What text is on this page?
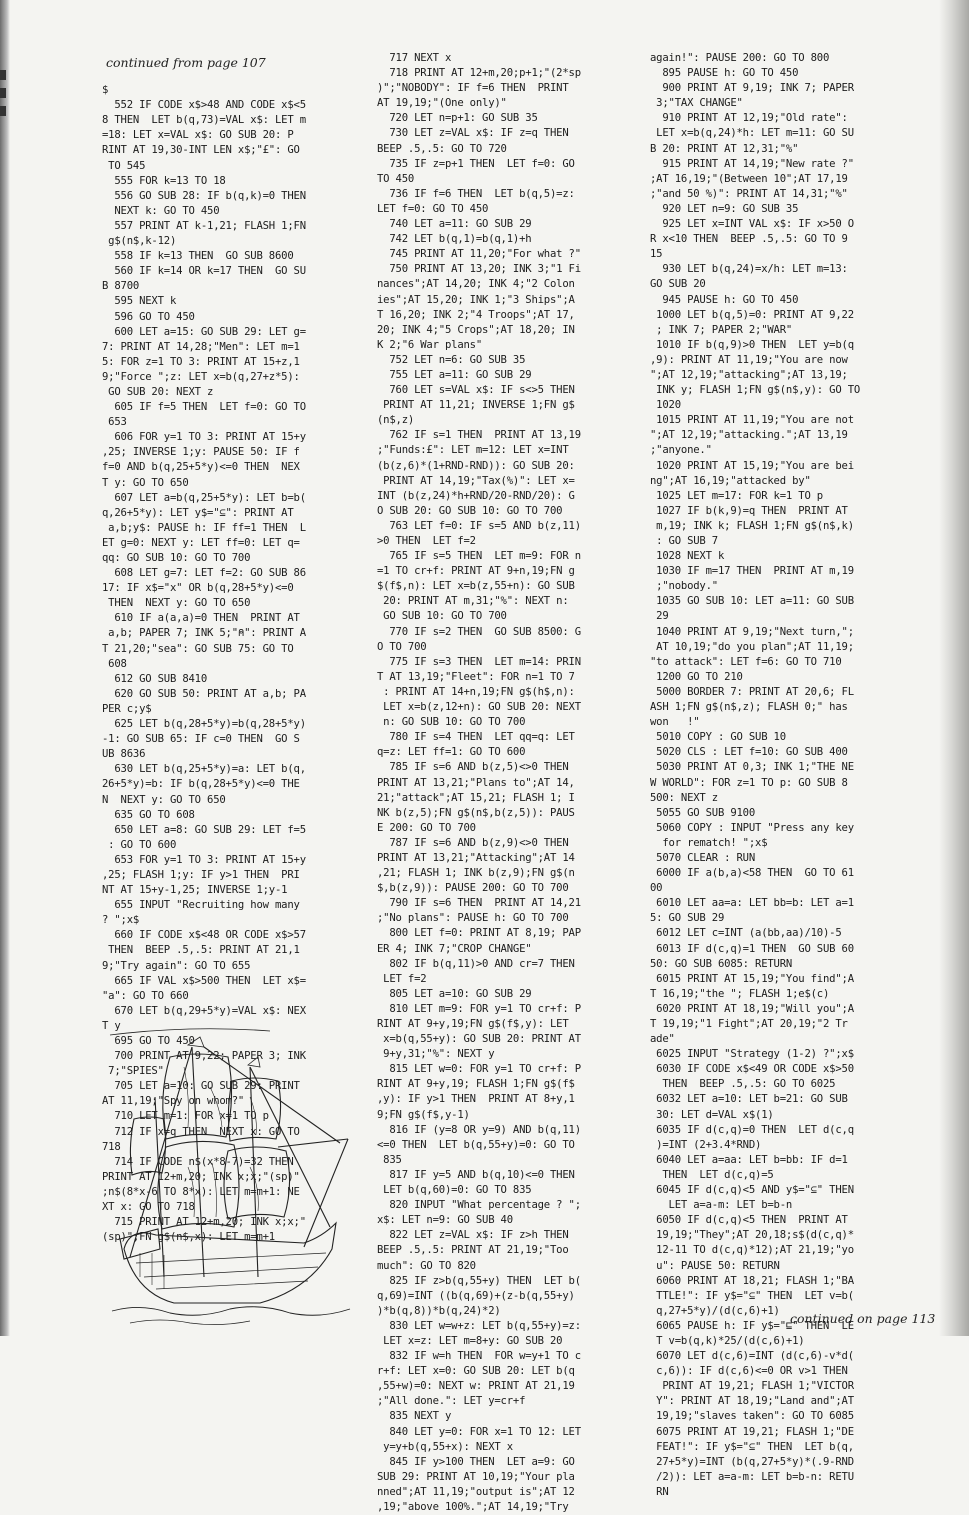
continued from page 107
$
552 IF CODE x$>48 AND CODE x$<5
8 THEN  LET b(q,73)=VAL x$: LET m
=18: LET x=VAL x$: GO SUB 20: P
RINT AT 19,30-INT LEN x$;"£": GO
TO 545
555 FOR k=13 TO 18
556 GO SUB 28: IF b(q,k)=0 THEN
NEXT k: GO TO 450
557 PRINT AT k-1,21; FLASH 1;FN
g$(n$,k-12)
558 IF k=13 THEN  GO SUB 8600
560 IF k=14 OR k=17 THEN  GO SU
B 8700
595 NEXT k
596 GO TO 450
600 LET a=15: GO SUB 29: LET g=
7: PRINT AT 14,28;"Men": LET m=1
5: FOR z=1 TO 3: PRINT AT 15+z,1
9;"Force ";z: LET x=b(q,27+z*5):
GO SUB 20: NEXT z
605 IF f=5 THEN  LET f=0: GO TO
653
606 FOR y=1 TO 3: PRINT AT 15+y
,25; INVERSE 1;y: PAUSE 50: IF f
f=0 AND b(q,25+5*y)<=0 THEN  NEX
T y: GO TO 650
607 LET a=b(q,25+5*y): LET b=b(
q,26+5*y): LET y$="⊆": PRINT AT
a,b;y$: PAUSE h: IF ff=1 THEN  L
ET g=0: NEXT y: LET ff=0: LET q=
qq: GO SUB 10: GO TO 700
608 LET g=7: LET f=2: GO SUB 86
17: IF x$="x" OR b(q,28+5*y)<=0
THEN  NEXT y: GO TO 650
610 IF a(a,a)=0 THEN  PRINT AT
a,b; PAPER 7; INK 5;"⍝": PRINT A
T 21,20;"sea": GO SUB 75: GO TO
608
612 GO SUB 8410
620 GO SUB 50: PRINT AT a,b; PA
PER c;y$
625 LET b(q,28+5*y)=b(q,28+5*y)
-1: GO SUB 65: IF c=0 THEN  GO S
UB 8636
630 LET b(q,25+5*y)=a: LET b(q,
26+5*y)=b: IF b(q,28+5*y)<=0 THE
N  NEXT y: GO TO 650
635 GO TO 608
650 LET a=8: GO SUB 29: LET f=5
: GO TO 600
653 FOR y=1 TO 3: PRINT AT 15+y
,25; FLASH 1;y: IF y>1 THEN  PRI
NT AT 15+y-1,25; INVERSE 1;y-1
655 INPUT "Recruiting how many
? ";x$
660 IF CODE x$<48 OR CODE x$>57
THEN  BEEP .5,.5: PRINT AT 21,1
9;"Try again": GO TO 655
665 IF VAL x$>500 THEN  LET x$=
"a": GO TO 660
670 LET b(q,29+5*y)=VAL x$: NEX
T y
695 GO TO 450
700 PRINT AT 9,22; PAPER 3; INK
7;"SPIES"
705 LET a=10: GO SUB 29: PRINT
AT 11,19;"Spy on whom?"
710 LET m=1: FOR x=1 TO p
712 IF x=q THEN  NEXT x: GO TO
718
714 IF CODE n$(x*8-7)=32 THEN
PRINT AT 12+m,20; INK x;x;"(sp)"
;n$(8*x-6 TO 8*x): LET m=m+1: NE
XT x: GO TO 718
715 PRINT AT 12+m,20; INK x;x;"
(sp)";FN g$(n$,x): LET m=m+1
717 NEXT x
718 PRINT AT 12+m,20;p+1;"(2*sp
)";"NOBODY": IF f=6 THEN  PRINT
AT 19,19;"(One only)"
720 LET n=p+1: GO SUB 35
730 LET z=VAL x$: IF z=q THEN
BEEP .5,.5: GO TO 720
735 IF z=p+1 THEN  LET f=0: GO
TO 450
736 IF f=6 THEN  LET b(q,5)=z:
LET f=0: GO TO 450
740 LET a=11: GO SUB 29
742 LET b(q,1)=b(q,1)+h
745 PRINT AT 11,20;"For what ?"
750 PRINT AT 13,20; INK 3;"1 Fi
nances";AT 14,20; INK 4;"2 Colon
ies";AT 15,20; INK 1;"3 Ships";A
T 16,20; INK 2;"4 Troops";AT 17,
20; INK 4;"5 Crops";AT 18,20; IN
K 2;"6 War plans"
752 LET n=6: GO SUB 35
755 LET a=11: GO SUB 29
760 LET s=VAL x$: IF s<>5 THEN
PRINT AT 11,21; INVERSE 1;FN g$
(n$,z)
762 IF s=1 THEN  PRINT AT 13,19
;"Funds:£": LET m=12: LET x=INT
(b(z,6)*(1+RND-RND)): GO SUB 20:
PRINT AT 14,19;"Tax(%)": LET x=
INT (b(z,24)*h+RND/20-RND/20): G
O SUB 20: GO SUB 10: GO TO 700
763 LET f=0: IF s=5 AND b(z,11)
>0 THEN  LET f=2
765 IF s=5 THEN  LET m=9: FOR n
=1 TO cr+f: PRINT AT 9+n,19;FN g
$(f$,n): LET x=b(z,55+n): GO SUB
20: PRINT AT m,31;"%": NEXT n:
GO SUB 10: GO TO 700
770 IF s=2 THEN  GO SUB 8500: G
O TO 700
775 IF s=3 THEN  LET m=14: PRIN
T AT 13,19;"Fleet": FOR n=1 TO 7
: PRINT AT 14+n,19;FN g$(h$,n):
LET x=b(z,12+n): GO SUB 20: NEXT
n: GO SUB 10: GO TO 700
780 IF s=4 THEN  LET qq=q: LET
q=z: LET ff=1: GO TO 600
785 IF s=6 AND b(z,5)<>0 THEN
PRINT AT 13,21;"Plans to";AT 14,
21;"attack";AT 15,21; FLASH 1; I
NK b(z,5);FN g$(n$,b(z,5)): PAUS
E 200: GO TO 700
787 IF s=6 AND b(z,9)<>0 THEN
PRINT AT 13,21;"Attacking";AT 14
,21; FLASH 1; INK b(z,9);FN g$(n
$,b(z,9)): PAUSE 200: GO TO 700
790 IF s=6 THEN  PRINT AT 14,21
;"No plans": PAUSE h: GO TO 700
800 LET f=0: PRINT AT 8,19; PAP
ER 4; INK 7;"CROP CHANGE"
802 IF b(q,11)>0 AND cr=7 THEN
LET f=2
805 LET a=10: GO SUB 29
810 LET m=9: FOR y=1 TO cr+f: P
RINT AT 9+y,19;FN g$(f$,y): LET
x=b(q,55+y): GO SUB 20: PRINT AT
9+y,31;"%": NEXT y
815 LET w=0: FOR y=1 TO cr+f: P
RINT AT 9+y,19; FLASH 1;FN g$(f$
,y): IF y>1 THEN  PRINT AT 8+y,1
9;FN g$(f$,y-1)
816 IF (y=8 OR y=9) AND b(q,11)
<=0 THEN  LET b(q,55+y)=0: GO TO
835
817 IF y=5 AND b(q,10)<=0 THEN
LET b(q,60)=0: GO TO 835
820 INPUT "What percentage ? ";
x$: LET n=9: GO SUB 40
822 LET z=VAL x$: IF z>h THEN
BEEP .5,.5: PRINT AT 21,19;"Too
much": GO TO 820
825 IF z>b(q,55+y) THEN  LET b(
q,69)=INT ((b(q,69)+(z-b(q,55+y)
)*b(q,8))*b(q,24)*2)
830 LET w=w+z: LET b(q,55+y)=z:
LET x=z: LET m=8+y: GO SUB 20
832 IF w=h THEN  FOR w=y+1 TO c
r+f: LET x=0: GO SUB 20: LET b(q
,55+w)=0: NEXT w: PRINT AT 21,19
;"All done.": LET y=cr+f
835 NEXT y
840 LET y=0: FOR x=1 TO 12: LET
y=y+b(q,55+x): NEXT x
845 IF y>100 THEN  LET a=9: GO
SUB 29: PRINT AT 10,19;"Your pla
nned";AT 11,19;"output is";AT 12
,19;"above 100%.";AT 14,19;"Try
again!": PAUSE 200: GO TO 800
895 PAUSE h: GO TO 450
900 PRINT AT 9,19; INK 7; PAPER
3;"TAX CHANGE"
910 PRINT AT 12,19;"Old rate":
LET x=b(q,24)*h: LET m=11: GO SU
B 20: PRINT AT 12,31;"%"
915 PRINT AT 14,19;"New rate ?"
;AT 16,19;"(Between 10";AT 17,19
;"and 50 %)": PRINT AT 14,31;"%"
920 LET n=9: GO SUB 35
925 LET x=INT VAL x$: IF x>50 O
R x<10 THEN  BEEP .5,.5: GO TO 9
15
930 LET b(q,24)=x/h: LET m=13:
GO SUB 20
945 PAUSE h: GO TO 450
1000 LET b(q,5)=0: PRINT AT 9,22
; INK 7; PAPER 2;"WAR"
1010 IF b(q,9)>0 THEN  LET y=b(q
,9): PRINT AT 11,19;"You are now
";AT 12,19;"attacking";AT 13,19;
INK y; FLASH 1;FN g$(n$,y): GO TO
1020
1015 PRINT AT 11,19;"You are not
";AT 12,19;"attacking.";AT 13,19
;"anyone."
1020 PRINT AT 15,19;"You are bei
ng";AT 16,19;"attacked by"
1025 LET m=17: FOR k=1 TO p
1027 IF b(k,9)=q THEN  PRINT AT
m,19; INK k; FLASH 1;FN g$(n$,k)
: GO SUB 7
1028 NEXT k
1030 IF m=17 THEN  PRINT AT m,19
;"nobody."
1035 GO SUB 10: LET a=11: GO SUB
29
1040 PRINT AT 9,19;"Next turn,";
AT 10,19;"do you plan";AT 11,19;
"to attack": LET f=6: GO TO 710
1200 GO TO 210
5000 BORDER 7: PRINT AT 20,6; FL
ASH 1;FN g$(n$,z); FLASH 0;" has
won   !"
5010 COPY : GO SUB 10
5020 CLS : LET f=10: GO SUB 400
5030 PRINT AT 0,3; INK 1;"THE NE
W WORLD": FOR z=1 TO p: GO SUB 8
500: NEXT z
5055 GO SUB 9100
5060 COPY : INPUT "Press any key
for rematch! ";x$
5070 CLEAR : RUN
6000 IF a(b,a)<58 THEN  GO TO 61
00
6010 LET aa=a: LET bb=b: LET a=1
5: GO SUB 29
6012 LET c=INT (a(bb,aa)/10)-5
6013 IF d(c,q)=1 THEN  GO SUB 60
50: GO SUB 6085: RETURN
6015 PRINT AT 15,19;"You find";A
T 16,19;"the "; FLASH 1;e$(c)
6020 PRINT AT 18,19;"Will you";A
T 19,19;"1 Fight";AT 20,19;"2 Tr
ade"
6025 INPUT "Strategy (1-2) ?";x$
6030 IF CODE x$<49 OR CODE x$>50
THEN  BEEP .5,.5: GO TO 6025
6032 LET a=10: LET b=21: GO SUB
30: LET d=VAL x$(1)
6035 IF d(c,q)=0 THEN  LET d(c,q
)=INT (2+3.4*RND)
6040 LET a=aa: LET b=bb: IF d=1
THEN  LET d(c,q)=5
6045 IF d(c,q)<5 AND y$="⊆" THEN
LET a=a-m: LET b=b-n
6050 IF d(c,q)<5 THEN  PRINT AT
19,19;"They";AT 20,18;s$(d(c,q)*
12-11 TO d(c,q)*12);AT 21,19;"yo
u": PAUSE 50: RETURN
6060 PRINT AT 18,21; FLASH 1;"BA
TTLE!": IF y$="⊆" THEN  LET v=b(
q,27+5*y)/(d(c,6)+1)
6065 PAUSE h: IF y$="⊑" THEN  LE
T v=b(q,k)*25/(d(c,6)+1)
6070 LET d(c,6)=INT (d(c,6)-v*d(
c,6)): IF d(c,6)<=0 OR v>1 THEN
PRINT AT 19,21; FLASH 1;"VICTOR
Y": PRINT AT 18,19;"Land and";AT
19,19;"slaves taken": GO TO 6085
6075 PRINT AT 19,21; FLASH 1;"DE
FEAT!": IF y$="⊆" THEN  LET b(q,
27+5*y)=INT (b(q,27+5*y)*(.9-RND
/2)): LET a=a-m: LET b=b-n: RETU
RN
continued on page 113
